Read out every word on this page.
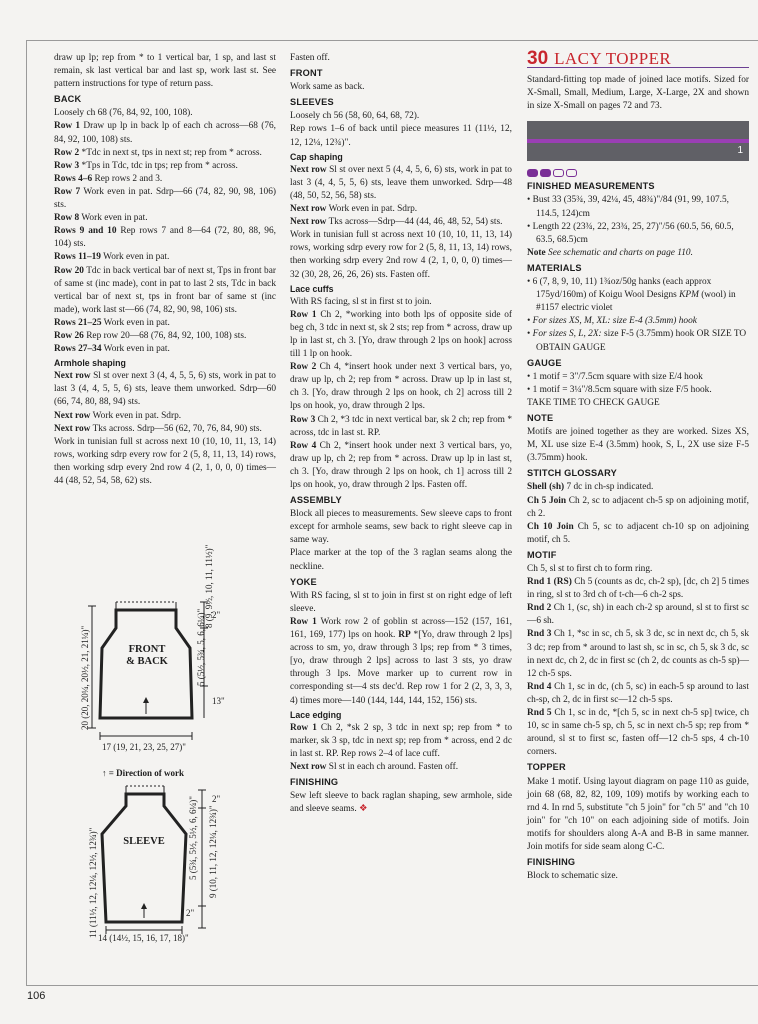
draw up lp; rep from * to 1 vertical bar, 1 sp, and last st remain, sk last vertical bar and last sp, work last st. See pattern instructions for type of return pass.

BACK

Loosely ch 68 (76, 84, 92, 100, 108).

Row 1 Draw up lp in back lp of each ch across—68 (76, 84, 92, 100, 108) sts.

Row 2 *Tdc in next st, tps in next st; rep from * across.

Row 3 *Tps in Tdc, tdc in tps; rep from * across.

Rows 4–6 Rep rows 2 and 3.

Row 7 Work even in pat. Sdrp—66 (74, 82, 90, 98, 106) sts.

Row 8 Work even in pat.

Rows 9 and 10 Rep rows 7 and 8—64 (72, 80, 88, 96, 104) sts.

Rows 11–19 Work even in pat.

Row 20 Tdc in back vertical bar of next st, Tps in front bar of same st (inc made), cont in pat to last 2 sts, Tdc in back vertical bar of next st, tps in front bar of same st (inc made), work last st—66 (74, 82, 90, 98, 106) sts.

Rows 21–25 Work even in pat.

Row 26 Rep row 20—68 (76, 84, 92, 100, 108) sts.

Rows 27–34 Work even in pat.

Armhole shaping

Next row Sl st over next 3 (4, 4, 5, 5, 6) sts, work in pat to last 3 (4, 4, 5, 5, 6) sts, leave them unworked. Sdrp—60 (66, 74, 80, 88, 94) sts.

Next row Work even in pat. Sdrp.

Next row Tks across. Sdrp—56 (62, 70, 76, 84, 90) sts.

Work in tunisian full st across next 10 (10, 10, 11, 13, 14) rows, working sdrp every row for 2 (5, 8, 11, 13, 14) rows, then working sdrp every 2nd row 4 (2, 1, 0, 0, 0) times—44 (48, 52, 54, 58, 62) sts.

FRONT
& BACK
8 (9, 9½, 10, 11, 11½)"
2"
5 (5½, 5¾, 5, 6, 6¼)"
13"
20 (20, 20¼, 20½, 21, 21¼)"
17 (19, 21, 23, 25, 27)"
↑ = Direction of work
SLEEVE
2"
5 (5¾, 5½, 5½, 6, 6¼)" 9 (10, 11, 12, 12¼, 12¾)"
2"
11 (11½, 12, 12¼, 12½, 12¾)" 14 (14½, 15, 16, 17, 18)"

Fasten off.

FRONT

Work same as back.

SLEEVES

Loosely ch 56 (58, 60, 64, 68, 72).

Rep rows 1–6 of back until piece measures 11 (11½, 12, 12, 12¼, 12¾)".

Cap shaping

Next row Sl st over next 5 (4, 4, 5, 6, 6) sts, work in pat to last 3 (4, 4, 5, 5, 6) sts, leave them unworked. Sdrp—48 (48, 50, 52, 56, 58) sts.

Next row Work even in pat. Sdrp.

Next row Tks across—Sdrp—44 (44, 46, 48, 52, 54) sts.

Work in tunisian full st across next 10 (10, 10, 11, 13, 14) rows, working sdrp every row for 2 (5, 8, 11, 13, 14) rows, then working sdrp every 2nd row 4 (2, 1, 0, 0, 0) times—32 (30, 28, 26, 26, 26) sts. Fasten off.

Lace cuffs

With RS facing, sl st in first st to join.

Row 1 Ch 2, *working into both lps of opposite side of beg ch, 3 tdc in next st, sk 2 sts; rep from * across, draw up lp in last st, ch 3. [Yo, draw through 2 lps on hook] across till 1 lp on hook.

Row 2 Ch 4, *insert hook under next 3 vertical bars, yo, draw up lp, ch 2; rep from * across. Draw up lp in last st, ch 3. [Yo, draw through 2 lps on hook, ch 2] across till 2 lps on hook, yo, draw through 2 lps.

Row 3 Ch 2, *3 tdc in next vertical bar, sk 2 ch; rep from * across, tdc in last st. RP.

Row 4 Ch 2, *insert hook under next 3 vertical bars, yo, draw up lp, ch 2; rep from * across. Draw up lp in last st, ch 3. [Yo, draw through 2 lps on hook, ch 1] across till 2 lps on hook, yo, draw through 2 lps. Fasten off.

ASSEMBLY

Block all pieces to measurements. Sew sleeve caps to front except for armhole seams, sew back to right sleeve cap in same way.

Place marker at the top of the 3 raglan seams along the neckline.

YOKE

With RS facing, sl st to join in first st on right edge of left sleeve.

Row 1 Work row 2 of goblin st across—152 (157, 161, 161, 169, 177) lps on hook. RP *[Yo, draw through 2 lps] across to sm, yo, draw through 3 lps; rep from * 3 times, [yo, draw through 2 lps] across to last 3 sts, yo draw through 3 lps. Move marker up to current row in corresponding st—4 sts dec'd. Rep row 1 for 2 (2, 3, 3, 3, 4) times more—140 (144, 144, 144, 152, 156) sts.

Lace edging

Row 1 Ch 2, *sk 2 sp, 3 tdc in next sp; rep from * to marker, sk 3 sp, tdc in next sp; rep from * across, end 2 dc in last st. RP. Rep rows 2–4 of lace cuff.

Next row Sl st in each ch around. Fasten off.

FINISHING

Sew left sleeve to back raglan shaping, sew armhole, side and sleeve seams. ❖

30 LACY TOPPER

Standard-fitting top made of joined lace motifs. Sized for X-Small, Small, Medium, Large, X-Large, 2X and shown in size X-Small on pages 72 and 73.

1
FINISHED MEASUREMENTS

• Bust 33 (35¾, 39, 42¼, 45, 48¾)"/84 (91, 99, 107.5, 114.5, 124)cm

• Length 22 (23¾, 22, 23¾, 25, 27)"/56 (60.5, 56, 60.5, 63.5, 68.5)cm

Note See schematic and charts on page 110.

MATERIALS

• 6 (7, 8, 9, 10, 11) 1¾oz/50g hanks (each approx 175yd/160m) of Koigu Wool Designs KPM (wool) in #1157 electric violet

• For sizes XS, M, XL: size E-4 (3.5mm) hook

• For sizes S, L, 2X: size F-5 (3.75mm) hook OR SIZE TO OBTAIN GAUGE

GAUGE

• 1 motif = 3"/7.5cm square with size E/4 hook

• 1 motif = 3¼"/8.5cm square with size F/5 hook.

TAKE TIME TO CHECK GAUGE

NOTE

Motifs are joined together as they are worked. Sizes XS, M, XL use size E-4 (3.5mm) hook, S, L, 2X use size F-5 (3.75mm) hook.

STITCH GLOSSARY

Shell (sh) 7 dc in ch-sp indicated.

Ch 5 Join Ch 2, sc to adjacent ch-5 sp on adjoining motif, ch 2.

Ch 10 Join Ch 5, sc to adjacent ch-10 sp on adjoining motif, ch 5.

MOTIF

Ch 5, sl st to first ch to form ring.

Rnd 1 (RS) Ch 5 (counts as dc, ch-2 sp), [dc, ch 2] 5 times in ring, sl st to 3rd ch of t-ch—6 ch-2 sps.

Rnd 2 Ch 1, (sc, sh) in each ch-2 sp around, sl st to first sc—6 sh.

Rnd 3 Ch 1, *sc in sc, ch 5, sk 3 dc, sc in next dc, ch 5, sk 3 dc; rep from * around to last sh, sc in sc, ch 5, sk 3 dc, sc in next dc, ch 2, dc in first sc (ch 2, dc counts as ch-5 sp)—12 ch-5 sps.

Rnd 4 Ch 1, sc in dc, (ch 5, sc) in each-5 sp around to last ch-sp, ch 2, dc in first sc—12 ch-5 sps.

Rnd 5 Ch 1, sc in dc, *[ch 5, sc in next ch-5 sp] twice, ch 10, sc in same ch-5 sp, ch 5, sc in next ch-5 sp; rep from * around, sl st to first sc, fasten off—12 ch-5 sps, 4 ch-10 corners.

TOPPER

Make 1 motif. Using layout diagram on page 110 as guide, join 68 (68, 82, 82, 109, 109) motifs by working each to rnd 4. In rnd 5, substitute "ch 5 join" for "ch 5" and "ch 10 join" for "ch 10" on each adjoining side of motifs. Join motifs for shoulders along A-A and B-B in same manner. Join motifs for side seam along C-C.

FINISHING

Block to schematic size.

106
